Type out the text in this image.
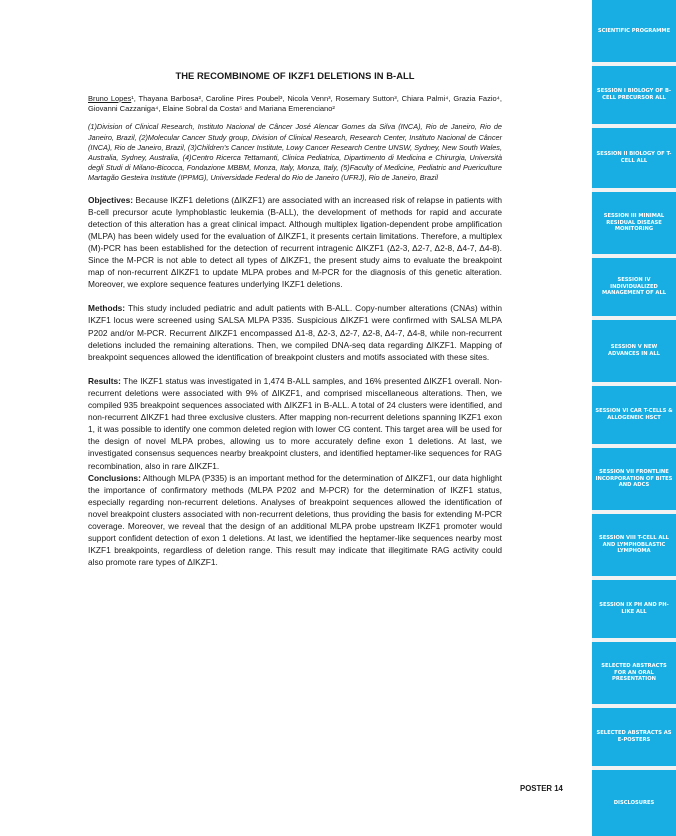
SCIENTIFIC PROGRAMME
SESSION I BIOLOGY OF B-CELL PRECURSOR ALL
SESSION II BIOLOGY OF T-CELL ALL
SESSION III MINIMAL RESIDUAL DISEASE MONITORING
SESSION IV INDIVIDUALIZED MANAGEMENT OF ALL
SESSION V NEW ADVANCES IN ALL
SESSION VI CAR T-CELLS & ALLOGENEIC HSCT
SESSION VII FRONTLINE INCORPORATION OF BITES AND ADCS
SESSION VIII T-CELL ALL AND LYMPHOBLASTIC LYMPHOMA
SESSION IX PH AND PH-LIKE ALL
SELECTED ABSTRACTS FOR AN ORAL PRESENTATION
SELECTED ABSTRACTS AS E-POSTERS
DISCLOSURES
THE RECOMBINOME OF IKZF1 DELETIONS IN B-ALL
Bruno Lopes¹, Thayana Barbosa², Caroline Pires Poubel³, Nicola Venn³, Rosemary Sutton³, Chiara Palmi⁴, Grazia Fazio⁴, Giovanni Cazzaniga⁴, Elaine Sobral da Costa⁵ and Mariana Emerenciano²
(1)Division of Clinical Research, Instituto Nacional de Câncer José Alencar Gomes da Silva (INCA), Rio de Janeiro, Rio de Janeiro, Brazil, (2)Molecular Cancer Study group, Division of Clinical Research, Research Center, Instituto Nacional de Câncer (INCA), Rio de Janeiro, Brazil, (3)Children's Cancer Institute, Lowy Cancer Research Centre UNSW, Sydney, New South Wales, Australia, Sydney, Australia, (4)Centro Ricerca Tettamanti, Clinica Pediatrica, Dipartimento di Medicina e Chirurgia, Università degli Studi di Milano-Bicocca, Fondazione MBBM, Monza, Italy, Monza, Italy, (5)Faculty of Medicine, Pediatric and Puericulture Martagão Gesteira Institute (IPPMG), Universidade Federal do Rio de Janeiro (UFRJ), Rio de Janeiro, Brazil

Objectives: Because IKZF1 deletions (ΔIKZF1) are associated with an increased risk of relapse in patients with B-cell precursor acute lymphoblastic leukemia (B-ALL), the development of methods for rapid and accurate detection of this alteration has a great clinical impact. Although multiplex ligation-dependent probe amplification (MLPA) has been widely used for the evaluation of ΔIKZF1, it presents certain limitations. Therefore, a multiplex (M)-PCR has been established for the detection of recurrent intragenic ΔIKZF1 (Δ2-3, Δ2-7, Δ2-8, Δ4-7, Δ4-8). Since the M-PCR is not able to detect all types of ΔIKZF1, the present study aims to evaluate the breakpoint map of non-recurrent ΔIKZF1 to update MLPA probes and M-PCR for the diagnosis of this genetic alteration. Moreover, we explore sequence features underlying IKZF1 deletions.

Methods: This study included pediatric and adult patients with B-ALL. Copy-number alterations (CNAs) within IKZF1 locus were screened using SALSA MLPA P335. Suspicious ΔIKZF1 were confirmed with SALSA MLPA P202 and/or M-PCR. Recurrent ΔIKZF1 encompassed Δ1-8, Δ2-3, Δ2-7, Δ2-8, Δ4-7, Δ4-8, while non-recurrent deletions included the remaining alterations. Then, we compiled DNA-seq data regarding ΔIKZF1. Mapping of breakpoint sequences allowed the identification of breakpoint clusters and motifs associated with these sites.

Results: The IKZF1 status was investigated in 1,474 B-ALL samples, and 16% presented ΔIKZF1 overall. Non-recurrent deletions were associated with 9% of ΔIKZF1, and comprised miscellaneous alterations. Then, we compiled 935 breakpoint sequences associated with ΔIKZF1 in B-ALL. A total of 24 clusters were identified, and non-recurrent ΔIKZF1 had three exclusive clusters. After mapping non-recurrent deletions spanning IKZF1 exon 1, it was possible to identify one common deleted region with lower CG content. This target area will be used for the design of novel MLPA probes, allowing us to more accurately define exon 1 deletions. At last, we investigated consensus sequences nearby breakpoint clusters, and identified heptamer-like sequences for RAG recombination, also in rare ΔIKZF1.

Conclusions: Although MLPA (P335) is an important method for the determination of ΔIKZF1, our data highlight the importance of confirmatory methods (MLPA P202 and M-PCR) for the determination of IKZF1 status, especially regarding non-recurrent deletions. Analyses of breakpoint sequences allowed the identification of novel breakpoint clusters associated with non-recurrent deletions, thus providing the basis for extending M-PCR coverage. Moreover, we reveal that the design of an additional MLPA probe upstream IKZF1 promoter would support confident detection of exon 1 deletions. At last, we identified the heptamer-like sequences nearby most IKZF1 breakpoints, regardless of deletion range. This result may indicate that illegitimate RAG activity could also promote rare types of ΔIKZF1.

POSTER 14
